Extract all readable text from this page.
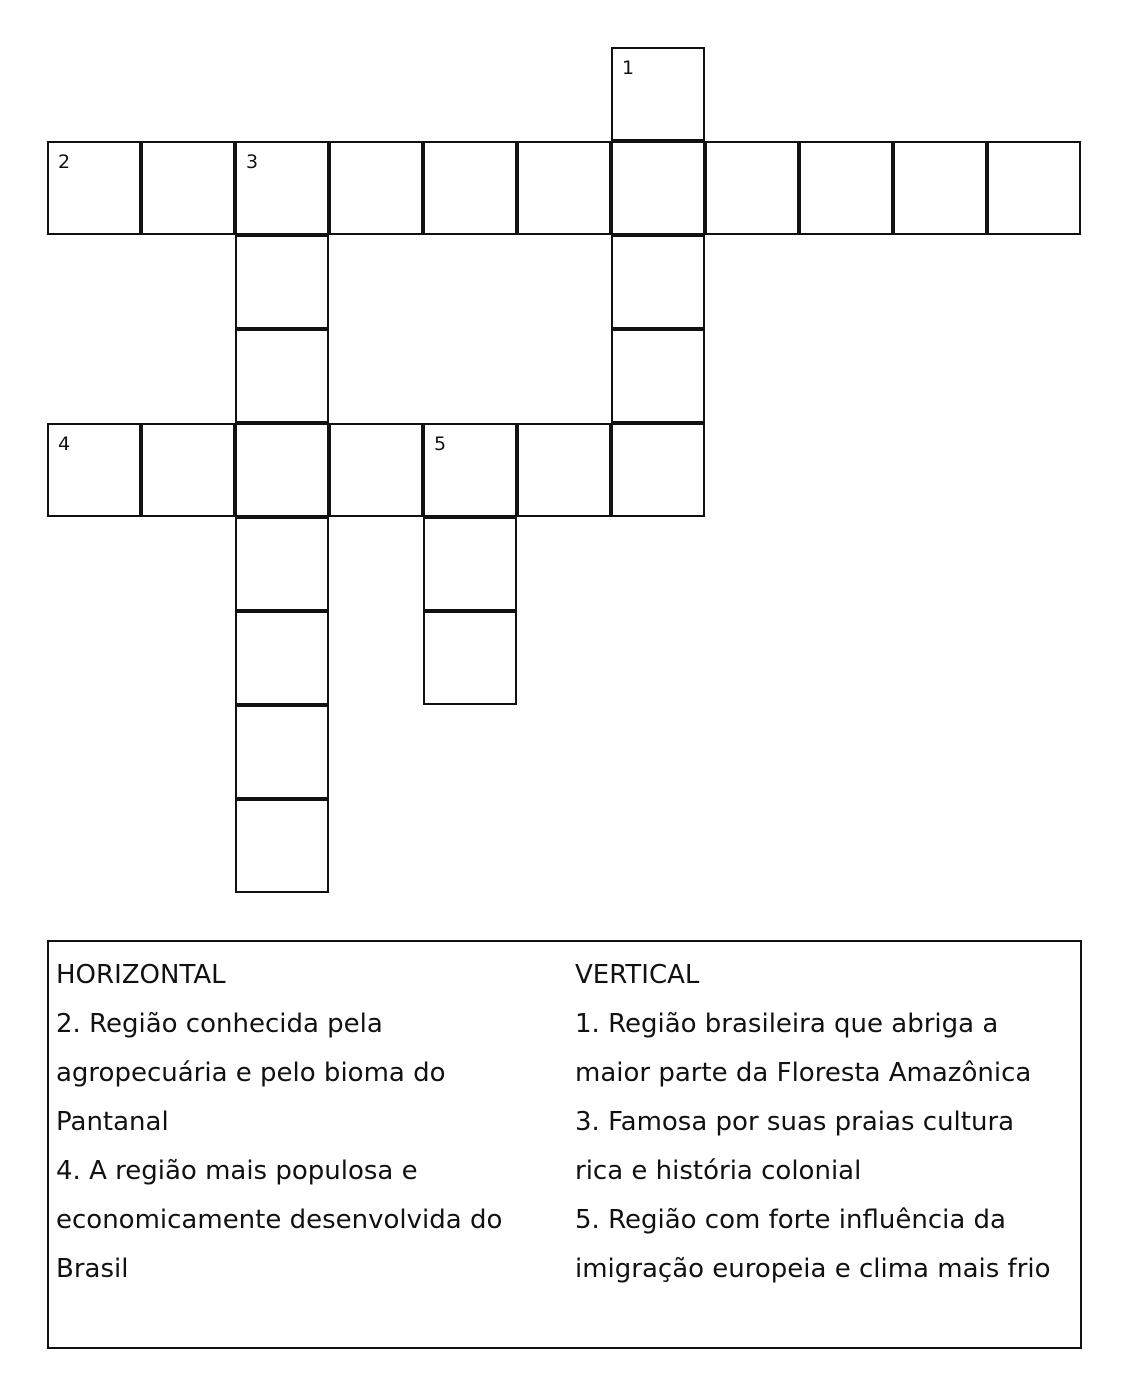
1
2	3
4	5

HORIZONTAL

2. Região conhecida pela

agropecuária e pelo bioma do

Pantanal

4. A região mais populosa e

economicamente desenvolvida do

Brasil

VERTICAL

1. Região brasileira que abriga a

maior parte da Floresta Amazônica

3. Famosa por suas praias cultura

rica e história colonial

5. Região com forte influência da

imigração europeia e clima mais frio
